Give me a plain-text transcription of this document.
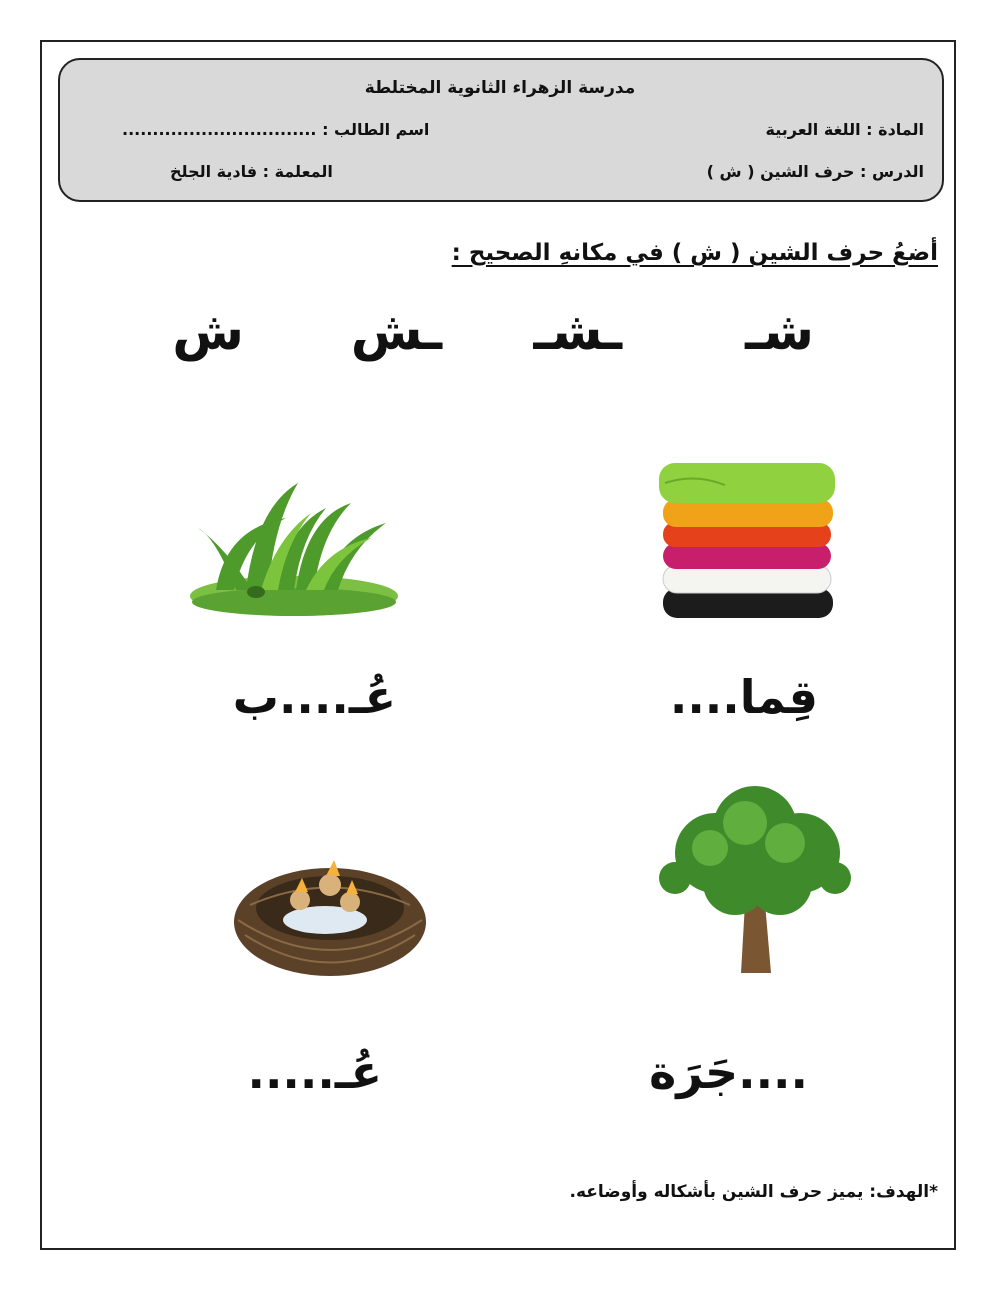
مدرسة الزهراء الثانوية المختلطة
المادة : اللغة العربية
اسم الطالب : ................................
الدرس : حرف الشين ( ش )
المعلمة : فادية الجلخ
أضعُ حرف الشين ( ش ) في مكانهِ الصحيح :
شـ
ـشـ
ـش
ش
قِما....
عُـ....ب
....جَرَة
عُـ.....
*الهدف: يميز حرف الشين بأشكاله وأوضاعه.
